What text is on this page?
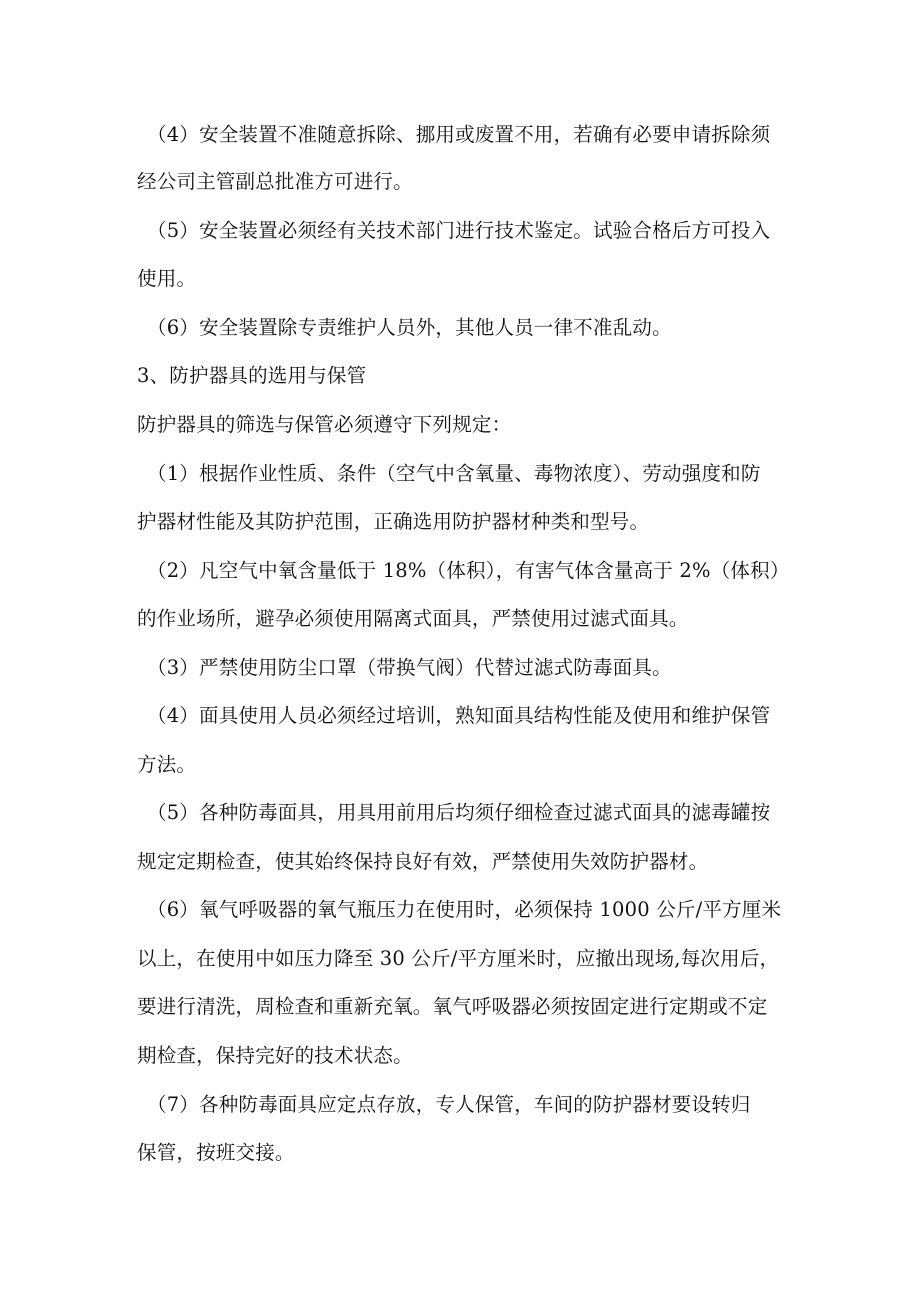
（4）安全装置不准随意拆除、挪用或废置不用，若确有必要申请拆除须
经公司主管副总批准方可进行。
（5）安全装置必须经有关技术部门进行技术鉴定。试验合格后方可投入
使用。
（6）安全装置除专责维护人员外，其他人员一律不准乱动。
3、防护器具的选用与保管
防护器具的筛选与保管必须遵守下列规定：
（1）根据作业性质、条件（空气中含氧量、毒物浓度）、劳动强度和防
护器材性能及其防护范围，正确选用防护器材种类和型号。
（2）凡空气中氧含量低于 18%（体积），有害气体含量高于 2%（体积）
的作业场所，避孕必须使用隔离式面具，严禁使用过滤式面具。
（3）严禁使用防尘口罩（带换气阀）代替过滤式防毒面具。
（4）面具使用人员必须经过培训，熟知面具结构性能及使用和维护保管
方法。
（5）各种防毒面具，用具用前用后均须仔细检查过滤式面具的滤毒罐按
规定定期检查，使其始终保持良好有效，严禁使用失效防护器材。
（6）氧气呼吸器的氧气瓶压力在使用时，必须保持 1000 公斤/平方厘米
以上，在使用中如压力降至 30 公斤/平方厘米时，应撤出现场,每次用后，
要进行清洗，周检查和重新充氧。氧气呼吸器必须按固定进行定期或不定
期检查，保持完好的技术状态。
（7）各种防毒面具应定点存放，专人保管，车间的防护器材要设转归
保管，按班交接。
